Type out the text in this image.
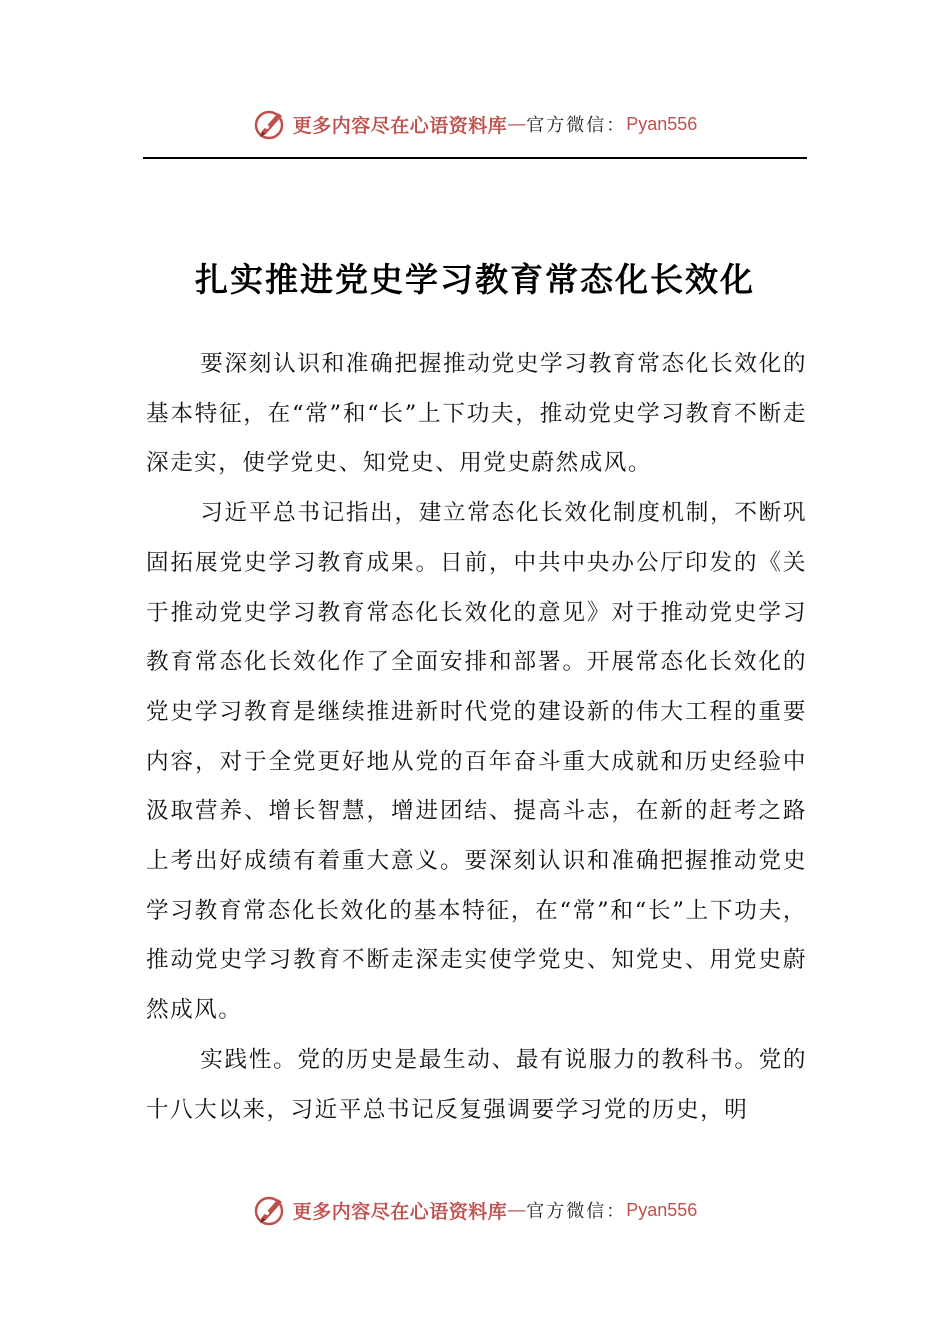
更多内容尽在心语资料库 — 官方微信： Pyan556
扎实推进党史学习教育常态化长效化

要深刻认识和准确把握推动党史学习教育常态化长效化的基本特征，在“常”和“长”上下功夫，推动党史学习教育不断走深走实，使学党史、知党史、用党史蔚然成风。

习近平总书记指出，建立常态化长效化制度机制，不断巩固拓展党史学习教育成果。日前，中共中央办公厅印发的《关于推动党史学习教育常态化长效化的意见》对于推动党史学习教育常态化长效化作了全面安排和部署。开展常态化长效化的党史学习教育是继续推进新时代党的建设新的伟大工程的重要内容，对于全党更好地从党的百年奋斗重大成就和历史经验中汲取营养、增长智慧，增进团结、提高斗志，在新的赶考之路上考出好成绩有着重大意义。要深刻认识和准确把握推动党史学习教育常态化长效化的基本特征，在“常”和“长”上下功夫，推动党史学习教育不断走深走实使学党史、知党史、用党史蔚然成风。

实践性。党的历史是最生动、最有说服力的教科书。党的十八大以来，习近平总书记反复强调要学习党的历史，明

更多内容尽在心语资料库 — 官方微信： Pyan556
